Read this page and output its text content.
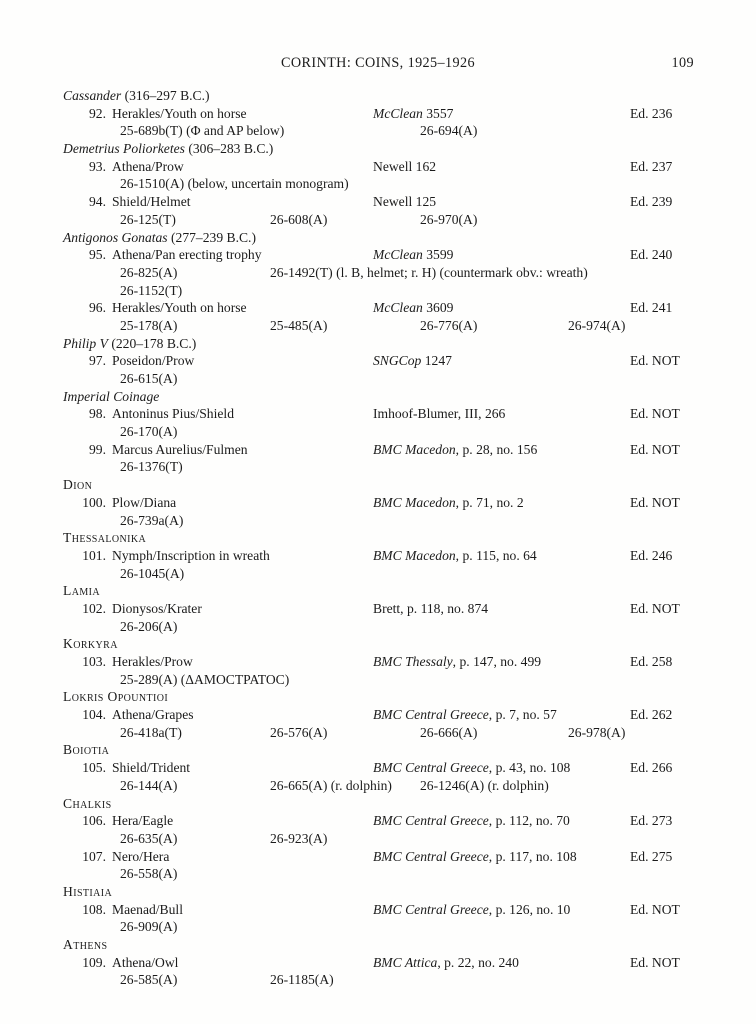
CORINTH: COINS, 1925–1926	109
Cassander (316–297 B.C.)
92. Herakles/Youth on horse	McClean 3557	Ed. 236
25-689b(T) (Φ and AP below)	26-694(A)
Demetrius Poliorketes (306–283 B.C.)
93. Athena/Prow	Newell 162	Ed. 237
26-1510(A) (below, uncertain monogram)
94. Shield/Helmet	Newell 125	Ed. 239
26-125(T)	26-608(A)	26-970(A)
Antigonos Gonatas (277–239 B.C.)
95. Athena/Pan erecting trophy	McClean 3599	Ed. 240
26-825(A)	26-1492(T) (l. B, helmet; r. H) (countermark obv.: wreath)
26-1152(T)
96. Herakles/Youth on horse	McClean 3609	Ed. 241
25-178(A)	25-485(A)	26-776(A)	26-974(A)
Philip V (220–178 B.C.)
97. Poseidon/Prow	SNGCop 1247	Ed. NOT
26-615(A)
Imperial Coinage
98. Antoninus Pius/Shield	Imhoof-Blumer, III, 266	Ed. NOT
26-170(A)
99. Marcus Aurelius/Fulmen	BMC Macedon, p. 28, no. 156	Ed. NOT
26-1376(T)
Dion
100. Plow/Diana	BMC Macedon, p. 71, no. 2	Ed. NOT
26-739a(A)
Thessalonika
101. Nymph/Inscription in wreath	BMC Macedon, p. 115, no. 64	Ed. 246
26-1045(A)
Lamia
102. Dionysos/Krater	Brett, p. 118, no. 874	Ed. NOT
26-206(A)
Korkyra
103. Herakles/Prow	BMC Thessaly, p. 147, no. 499	Ed. 258
25-289(A) (ΔΑΜΟCΤΡΑΤΟC)
Lokris Opountioi
104. Athena/Grapes	BMC Central Greece, p. 7, no. 57	Ed. 262
26-418a(T)	26-576(A)	26-666(A)	26-978(A)
Boiotia
105. Shield/Trident	BMC Central Greece, p. 43, no. 108	Ed. 266
26-144(A)	26-665(A) (r. dolphin) 26-1246(A) (r. dolphin)
Chalkis
106. Hera/Eagle	BMC Central Greece, p. 112, no. 70	Ed. 273
26-635(A)	26-923(A)
107. Nero/Hera	BMC Central Greece, p. 117, no. 108	Ed. 275
26-558(A)
Histiaia
108. Maenad/Bull	BMC Central Greece, p. 126, no. 10	Ed. NOT
26-909(A)
Athens
109. Athena/Owl	BMC Attica, p. 22, no. 240	Ed. NOT
26-585(A)	26-1185(A)
